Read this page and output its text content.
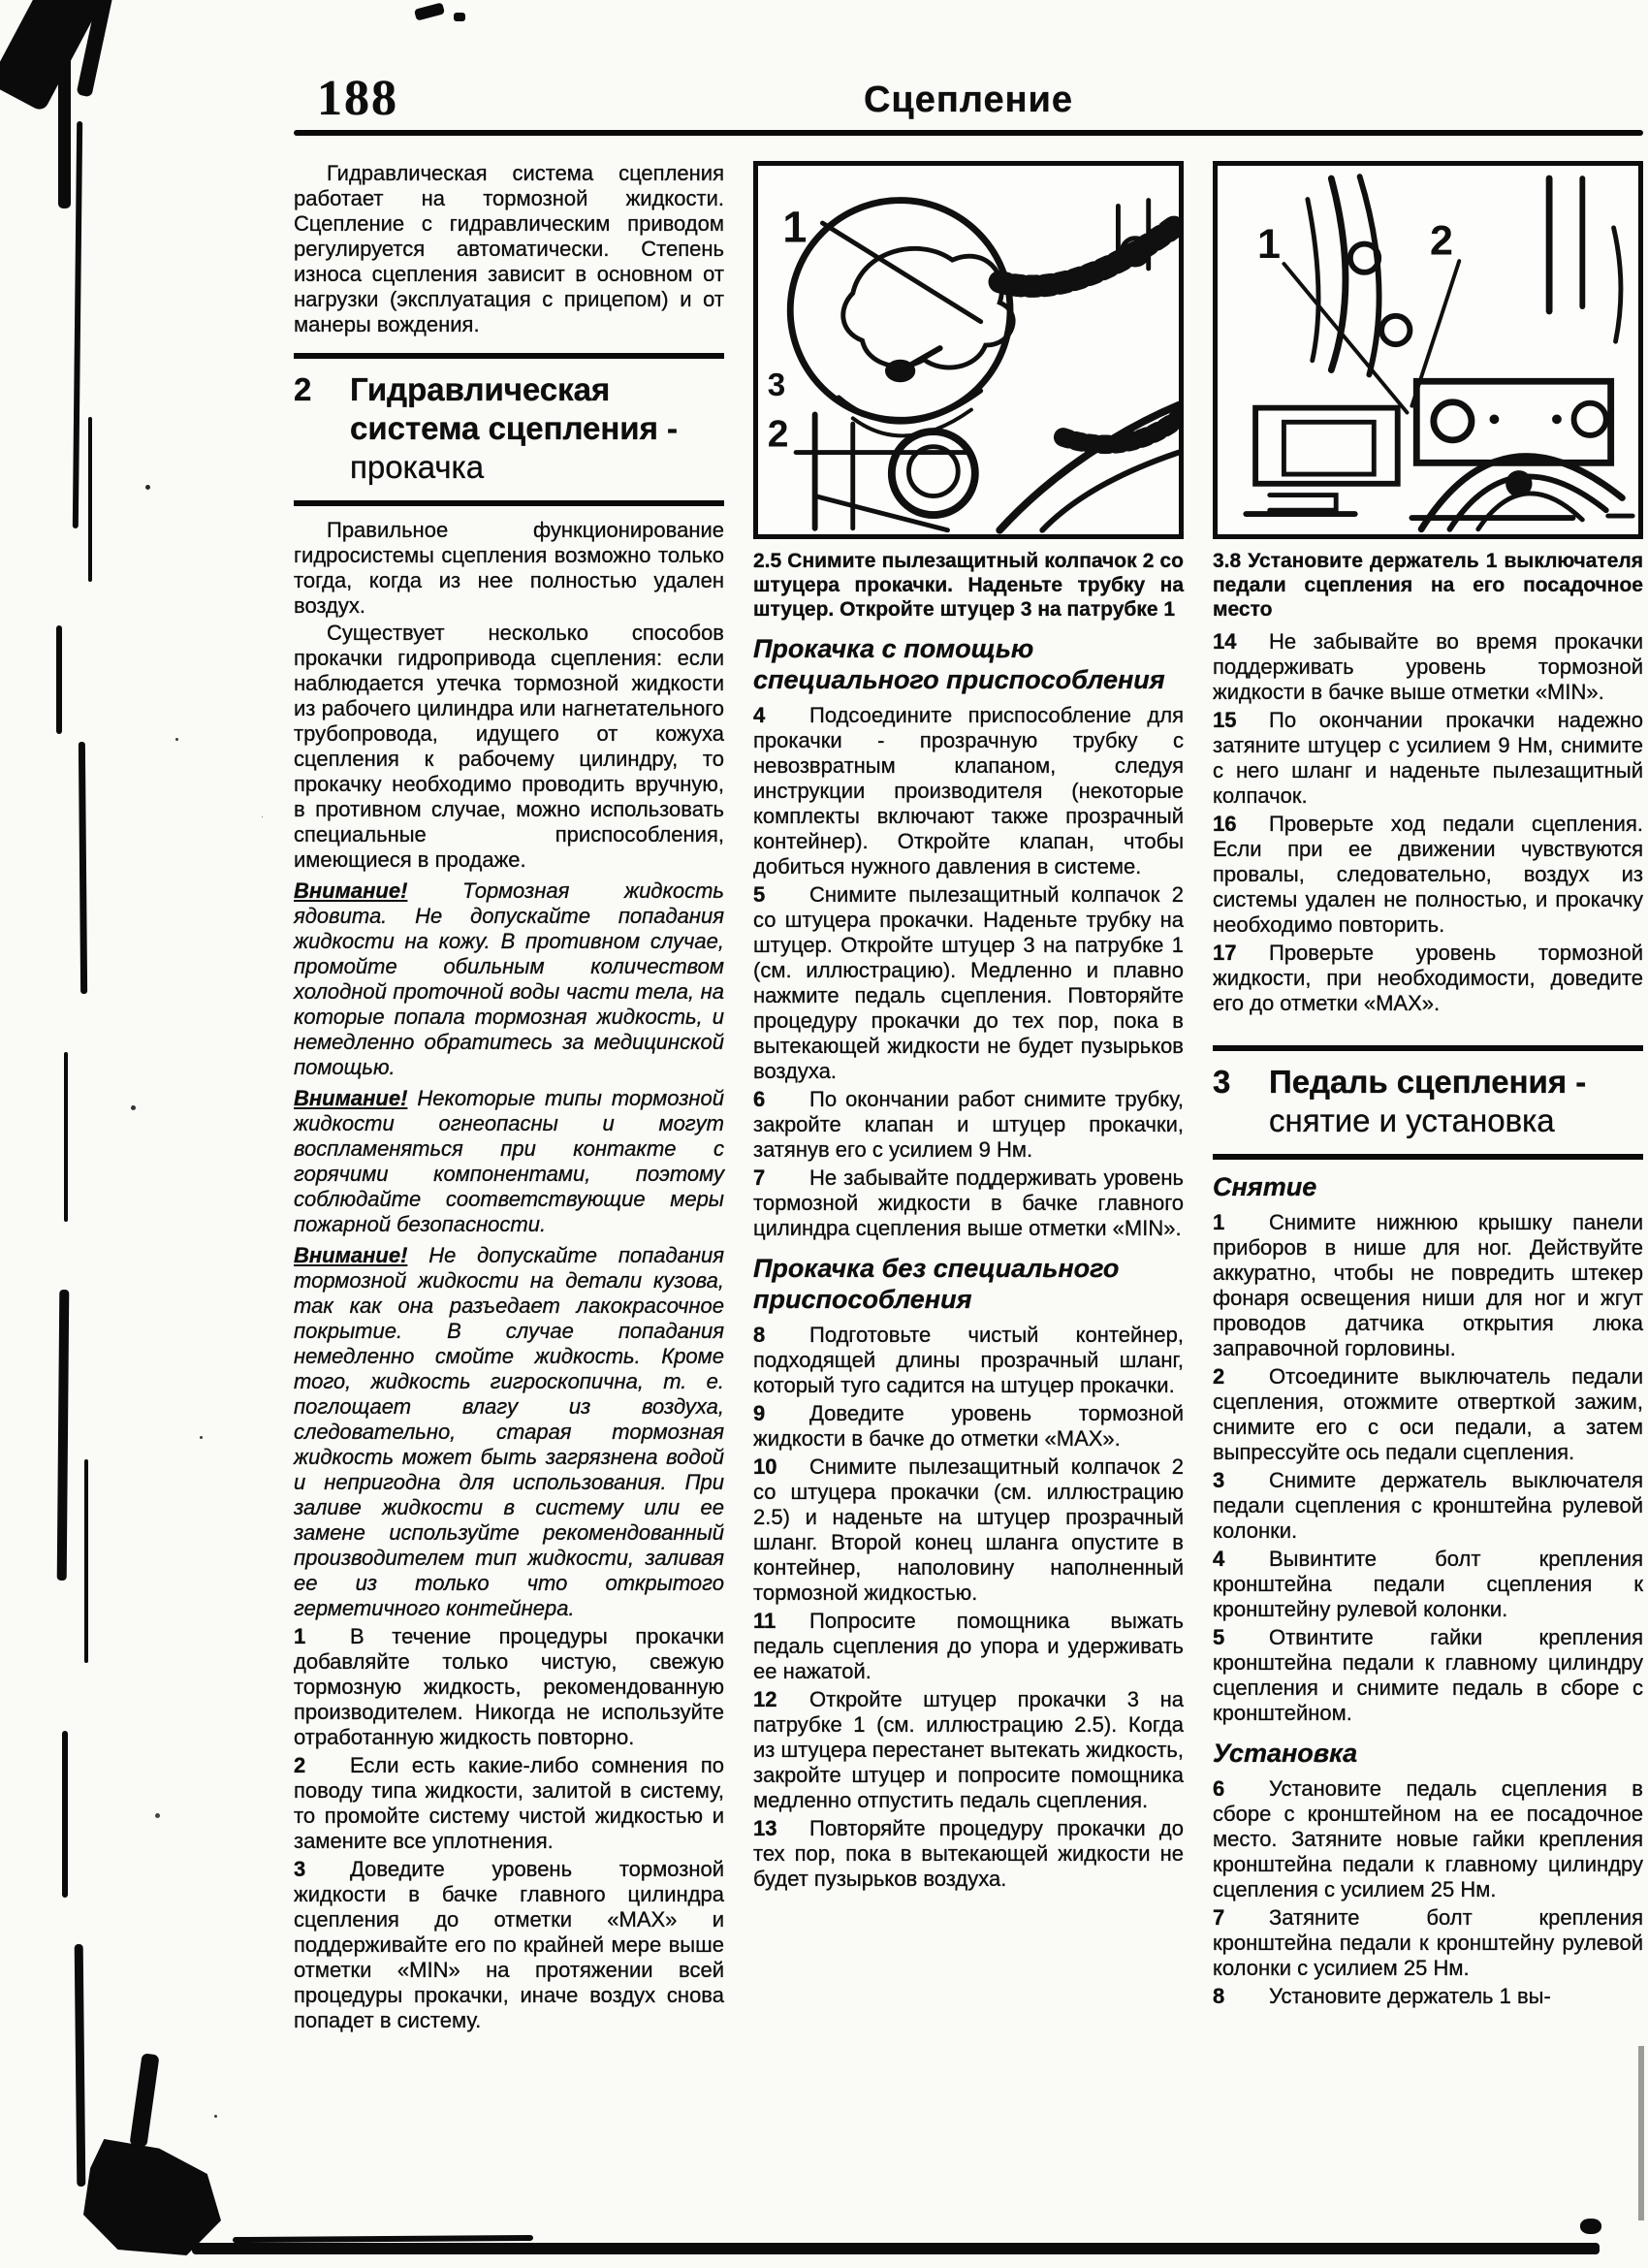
188	Сцепление

Гидравлическая система сцепления работает на тормозной жидкости. Сцепление с гидравлическим приводом регулируется автоматически. Степень износа сцепления зависит в основном от нагрузки (эксплуатация с прицепом) и от манеры вождения.

2	Гидравлическая система сцепления -
прокачка

Правильное функционирование гидросистемы сцепления возможно только тогда, когда из нее полностью удален воздух.

Существует несколько способов прокачки гидропривода сцепления: если наблюдается утечка тормозной жидкости из рабочего цилиндра или нагнетательного трубопровода, идущего от кожуха сцепления к рабочему цилиндру, то прокачку необходимо проводить вручную, в противном случае, можно использовать специальные приспособления, имеющиеся в продаже.

Внимание! Тормозная жидкость ядовита. Не допускайте попадания жидкости на кожу. В противном случае, промойте обильным количеством холодной проточной воды части тела, на которые попала тормозная жидкость, и немедленно обратитесь за медицинской помощью.

Внимание! Некоторые типы тормозной жидкости огнеопасны и могут воспламеняться при контакте с горячими компонентами, поэтому соблюдайте соответствующие меры пожарной безопасности.

Внимание! Не допускайте попадания тормозной жидкости на детали кузова, так как она разъедает лакокрасочное покрытие. В случае попадания немедленно смойте жидкость. Кроме того, жидкость гигроскопична, т. е. поглощает влагу из воздуха, следовательно, старая тормозная жидкость может быть загрязнена водой и непригодна для использования. При заливе жидкости в систему или ее замене используйте рекомендованный производителем тип жидкости, заливая ее из только что открытого герметичного контейнера.

1 В течение процедуры прокачки добавляйте только чистую, свежую тормозную жидкость, рекомендованную производителем. Никогда не используйте отработанную жидкость повторно.

2 Если есть какие-либо сомнения по поводу типа жидкости, залитой в систему, то промойте систему чистой жидкостью и замените все уплотнения.

3 Доведите уровень тормозной жидкости в бачке главного цилиндра сцепления до отметки «MAX» и поддерживайте его по крайней мере выше отметки «MIN» на протяжении всей процедуры прокачки, иначе воздух снова попадет в систему.

1
3
2

2.5 Снимите пылезащитный колпачок 2 со штуцера прокачки. Наденьте трубку на штуцер. Откройте штуцер 3 на патрубке 1

Прокачка с помощью специального приспособления

4 Подсоедините приспособление для прокачки - прозрачную трубку с невозвратным клапаном, следуя инструкции производителя (некоторые комплекты включают также прозрачный контейнер). Откройте клапан, чтобы добиться нужного давления в системе.

5 Снимите пылезащитный колпачок 2 со штуцера прокачки. Наденьте трубку на штуцер. Откройте штуцер 3 на патрубке 1 (см. иллюстрацию). Медленно и плавно нажмите педаль сцепления. Повторяйте процедуру прокачки до тех пор, пока в вытекающей жидкости не будет пузырьков воздуха.

6 По окончании работ снимите трубку, закройте клапан и штуцер прокачки, затянув его с усилием 9 Нм.

7 Не забывайте поддерживать уровень тормозной жидкости в бачке главного цилиндра сцепления выше отметки «MIN».

Прокачка без специального приспособления

8 Подготовьте чистый контейнер, подходящей длины прозрачный шланг, который туго садится на штуцер прокачки.

9 Доведите уровень тормозной жидкости в бачке до отметки «MAX».

10 Снимите пылезащитный колпачок 2 со штуцера прокачки (см. иллюстрацию 2.5) и наденьте на штуцер прозрачный шланг. Второй конец шланга опустите в контейнер, наполовину наполненный тормозной жидкостью.

11 Попросите помощника выжать педаль сцепления до упора и удерживать ее нажатой.

12 Откройте штуцер прокачки 3 на патрубке 1 (см. иллюстрацию 2.5). Когда из штуцера перестанет вытекать жидкость, закройте штуцер и попросите помощника медленно отпустить педаль сцепления.

13 Повторяйте процедуру прокачки до тех пор, пока в вытекающей жидкости не будет пузырьков воздуха.

1	2

3.8 Установите держатель 1 выключателя педали сцепления на его посадочное место

14 Не забывайте во время прокачки поддерживать уровень тормозной жидкости в бачке выше отметки «MIN».

15 По окончании прокачки надежно затяните штуцер с усилием 9 Нм, снимите с него шланг и наденьте пылезащитный колпачок.

16 Проверьте ход педали сцепления. Если при ее движении чувствуются провалы, следовательно, воздух из системы удален не полностью, и прокачку необходимо повторить.

17 Проверьте уровень тормозной жидкости, при необходимости, доведите его до отметки «MAX».

3	Педаль сцепления -
снятие и установка
Снятие

1 Снимите нижнюю крышку панели приборов в нише для ног. Действуйте аккуратно, чтобы не повредить штекер фонаря освещения ниши для ног и жгут проводов датчика открытия люка заправочной горловины.

2 Отсоедините выключатель педали сцепления, отожмите отверткой зажим, снимите его с оси педали, а затем выпрессуйте ось педали сцепления.

3 Снимите держатель выключателя педали сцепления с кронштейна рулевой колонки.

4 Вывинтите болт крепления кронштейна педали сцепления к кронштейну рулевой колонки.

5 Отвинтите гайки крепления кронштейна педали к главному цилиндру сцепления и снимите педаль в сборе с кронштейном.

Установка

6 Установите педаль сцепления в сборе с кронштейном на ее посадочное место. Затяните новые гайки крепления кронштейна педали к главному цилиндру сцепления с усилием 25 Нм.

7 Затяните болт крепления кронштейна педали к кронштейну рулевой колонки с усилием 25 Нм.

8 Установите держатель 1 вы-
